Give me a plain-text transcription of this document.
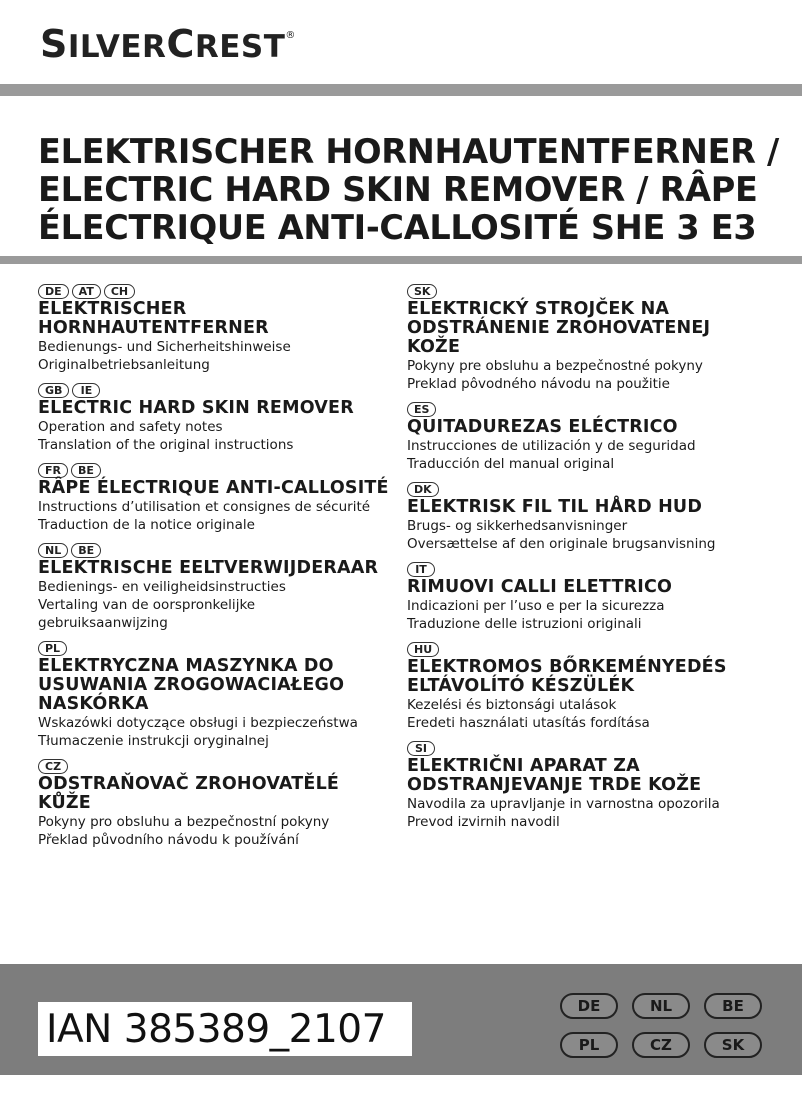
SILVERCREST®
ELEKTRISCHER HORNHAUTENTFERNER /
ELECTRIC HARD SKIN REMOVER / RÂPE
ÉLECTRIQUE ANTI-CALLOSITÉ SHE 3 E3
DE	AT	CH
ELEKTRISCHER
HORNHAUTENTFERNER
Bedienungs- und Sicherheitshinweise
Originalbetriebsanleitung
GB	IE
ELECTRIC HARD SKIN REMOVER
Operation and safety notes
Translation of the original instructions
FR	BE
RÂPE ÉLECTRIQUE ANTI-CALLOSITÉ
Instructions d’utilisation et consignes de sécurité
Traduction de la notice originale
NL	BE
ELEKTRISCHE EELTVERWIJDERAAR
Bedienings- en veiligheidsinstructies
Vertaling van de oorspronkelijke
gebruiksaanwijzing
PL
ELEKTRYCZNA MASZYNKA DO
USUWANIA ZROGOWACIAŁEGO
NASKÓRKA
Wskazówki dotyczące obsługi i bezpieczeństwa
Tłumaczenie instrukcji oryginalnej
CZ
ODSTRAŇOVAČ ZROHOVATĚLÉ
KŮŽE
Pokyny pro obsluhu a bezpečnostní pokyny
Překlad původního návodu k používání
SK
ELEKTRICKÝ STROJČEK NA
ODSTRÁNENIE ZROHOVATENEJ
KOŽE
Pokyny pre obsluhu a bezpečnostné pokyny
Preklad pôvodného návodu na použitie
ES
QUITADUREZAS ELÉCTRICO
Instrucciones de utilización y de seguridad
Traducción del manual original
DK
ELEKTRISK FIL TIL HÅRD HUD
Brugs- og sikkerhedsanvisninger
Oversættelse af den originale brugsanvisning
IT
RIMUOVI CALLI ELETTRICO
Indicazioni per l’uso e per la sicurezza
Traduzione delle istruzioni originali
HU
ELEKTROMOS BŐRKEMÉNYEDÉS
ELTÁVOLÍTÓ KÉSZÜLÉK
Kezelési és biztonsági utalások
Eredeti használati utasítás fordítása
SI
ELEKTRIČNI APARAT ZA
ODSTRANJEVANJE TRDE KOŽE
Navodila za upravljanje in varnostna opozorila
Prevod izvirnih navodil
IAN 385389_2107
DE	NL	BE
PL	CZ	SK
